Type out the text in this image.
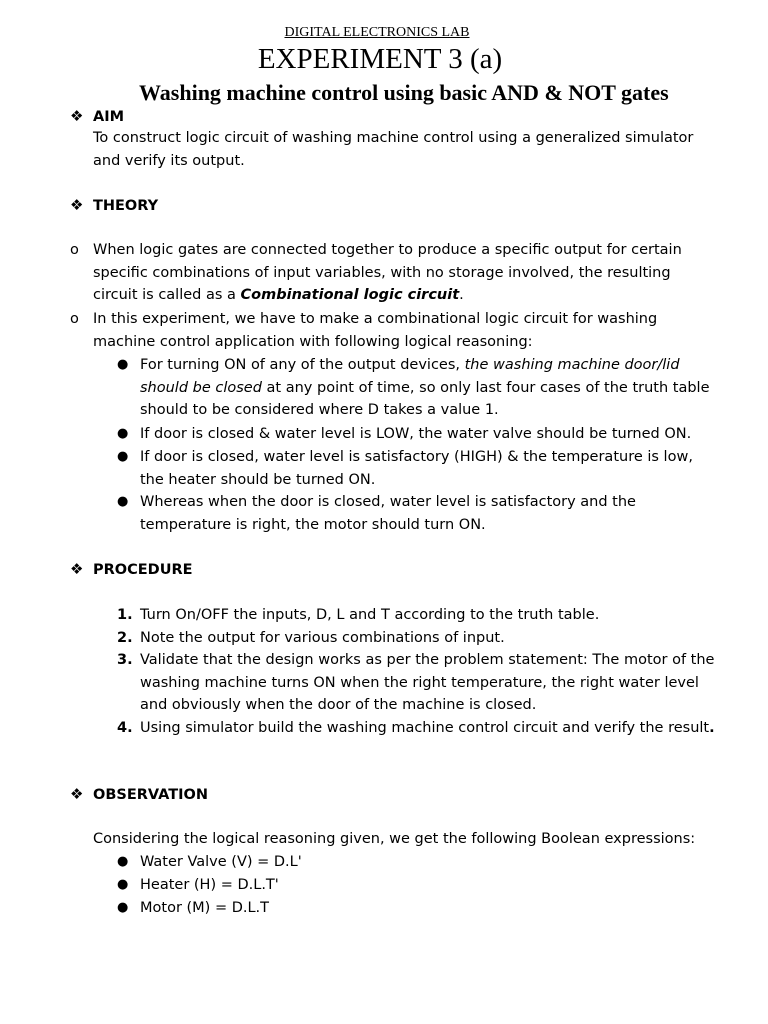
DIGITAL ELECTRONICS LAB
EXPERIMENT 3 (a)
Washing machine control using basic AND & NOT gates
❖ AIM
To construct logic circuit of washing machine control using a generalized simulator and verify its output.
❖ THEORY
o When logic gates are connected together to produce a specific output for certain specific combinations of input variables, with no storage involved, the resulting circuit is called as a Combinational logic circuit.
o In this experiment, we have to make a combinational logic circuit for washing machine control application with following logical reasoning:
● For turning ON of any of the output devices, the washing machine door/lid should be closed at any point of time, so only last four cases of the truth table should to be considered where D takes a value 1.
● If door is closed & water level is LOW, the water valve should be turned ON.
● If door is closed, water level is satisfactory (HIGH) & the temperature is low, the heater should be turned ON.
● Whereas when the door is closed, water level is satisfactory and the temperature is right, the motor should turn ON.
❖ PROCEDURE
1. Turn On/OFF the inputs, D, L and T according to the truth table.
2. Note the output for various combinations of input.
3. Validate that the design works as per the problem statement: The motor of the washing machine turns ON when the right temperature, the right water level and obviously when the door of the machine is closed.
4. Using simulator build the washing machine control circuit and verify the result.
❖ OBSERVATION
Considering the logical reasoning given, we get the following Boolean expressions:
● Water Valve (V) = D.L'
● Heater (H) = D.L.T'
● Motor (M) = D.L.T
